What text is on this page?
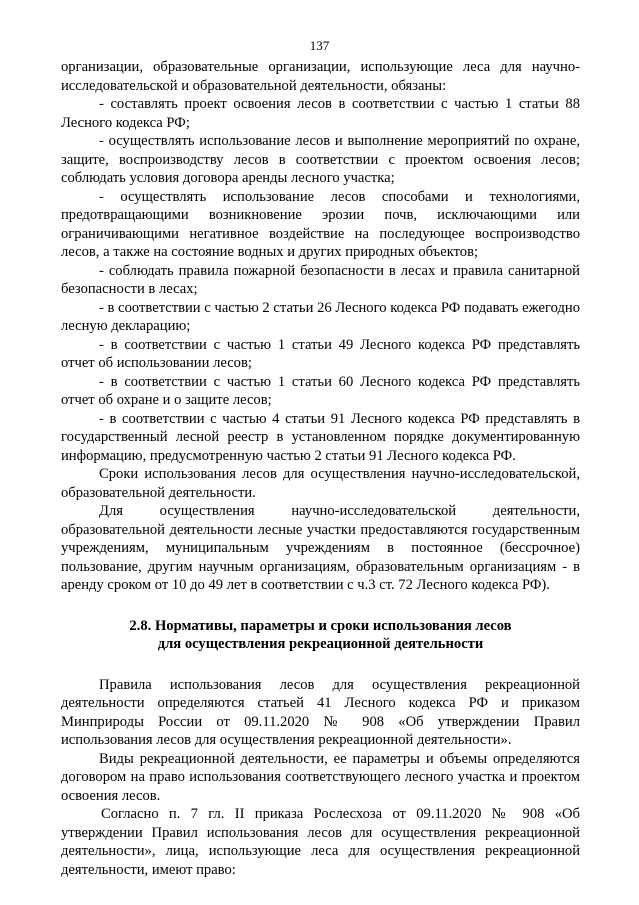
137

организации, образовательные организации, использующие леса для научно-исследовательской и образовательной деятельности, обязаны:

- составлять проект освоения лесов в соответствии с частью 1 статьи 88 Лесного кодекса РФ;

- осуществлять использование лесов и выполнение мероприятий по охране, защите, воспроизводству лесов в соответствии с проектом освоения лесов; соблюдать условия договора аренды лесного участка;

- осуществлять использование лесов способами и технологиями, предотвращающими возникновение эрозии почв, исключающими или ограничивающими негативное воздействие на последующее воспроизводство лесов, а также на состояние водных и других природных объектов;

- соблюдать правила пожарной безопасности в лесах и правила санитарной безопасности в лесах;

- в соответствии с частью 2 статьи 26 Лесного кодекса РФ подавать ежегодно лесную декларацию;

- в соответствии с частью 1 статьи 49 Лесного кодекса РФ представлять отчет об использовании лесов;

- в соответствии с частью 1 статьи 60 Лесного кодекса РФ представлять отчет об охране и о защите лесов;

- в соответствии с частью 4 статьи 91 Лесного кодекса РФ представлять в государственный лесной реестр в установленном порядке документированную информацию, предусмотренную частью 2 статьи 91 Лесного кодекса РФ.

Сроки использования лесов для осуществления научно-исследовательской, образовательной деятельности.

Для осуществления научно-исследовательской деятельности, образовательной деятельности лесные участки предоставляются государственным учреждениям, муниципальным учреждениям в постоянное (бессрочное) пользование, другим научным организациям, образовательным организациям - в аренду сроком от 10 до 49 лет в соответствии с ч.3 ст. 72 Лесного кодекса РФ).

2.8. Нормативы, параметры и сроки использования лесов

для осуществления рекреационной деятельности

Правила использования лесов для осуществления рекреационной деятельности определяются статьей 41 Лесного кодекса РФ и приказом Минприроды России от 09.11.2020 № 908 «Об утверждении Правил использования лесов для осуществления рекреационной деятельности».

Виды рекреационной деятельности, ее параметры и объемы определяются договором на право использования соответствующего лесного участка и проектом освоения лесов.

Согласно п. 7 гл. II приказа Рослесхоза от 09.11.2020 № 908 «Об утверждении Правил использования лесов для осуществления рекреационной деятельности», лица, использующие леса для осуществления рекреационной деятельности, имеют право:
